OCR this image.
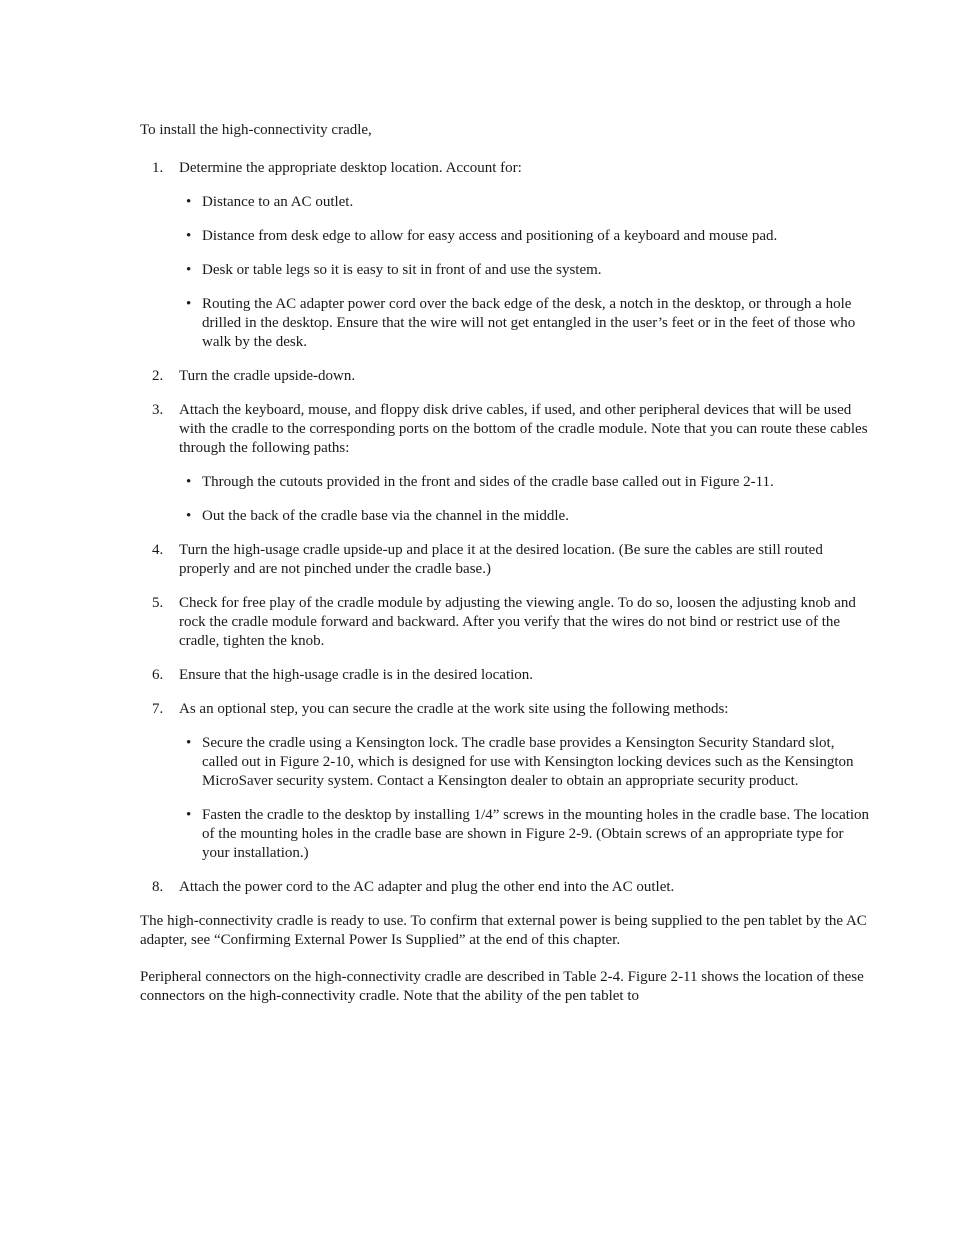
To install the high-connectivity cradle,

1. Determine the appropriate desktop location. Account for:

• Distance to an AC outlet.
• Distance from desk edge to allow for easy access and positioning of a keyboard and mouse pad.
• Desk or table legs so it is easy to sit in front of and use the system.
• Routing the AC adapter power cord over the back edge of the desk, a notch in the desktop, or through a hole drilled in the desktop. Ensure that the wire will not get entangled in the user’s feet or in the feet of those who walk by the desk.
2. Turn the cradle upside-down.

3. Attach the keyboard, mouse, and floppy disk drive cables, if used, and other peripheral devices that will be used with the cradle to the corresponding ports on the bottom of the cradle module. Note that you can route these cables through the following paths:

• Through the cutouts provided in the front and sides of the cradle base called out in Figure 2-11.
• Out the back of the cradle base via the channel in the middle.
4. Turn the high-usage cradle upside-up and place it at the desired location. (Be sure the cables are still routed properly and are not pinched under the cradle base.)

5. Check for free play of the cradle module by adjusting the viewing angle. To do so, loosen the adjusting knob and rock the cradle module forward and backward. After you verify that the wires do not bind or restrict use of the cradle, tighten the knob.

6. Ensure that the high-usage cradle is in the desired location.

7. As an optional step, you can secure the cradle at the work site using the following methods:

• Secure the cradle using a Kensington lock. The cradle base provides a Kensington Security Standard slot, called out in Figure 2-10, which is designed for use with Kensington locking devices such as the Kensington MicroSaver security system. Contact a Kensington dealer to obtain an appropriate security product.
• Fasten the cradle to the desktop by installing 1/4” screws in the mounting holes in the cradle base. The location of the mounting holes in the cradle base are shown in Figure 2-9. (Obtain screws of an appropriate type for your installation.)
8. Attach the power cord to the AC adapter and plug the other end into the AC outlet.

The high-connectivity cradle is ready to use. To confirm that external power is being supplied to the pen tablet by the AC adapter, see “Confirming External Power Is Supplied” at the end of this chapter.

Peripheral connectors on the high-connectivity cradle are described in Table 2-4. Figure 2-11 shows the location of these connectors on the high-connectivity cradle. Note that the ability of the pen tablet to
